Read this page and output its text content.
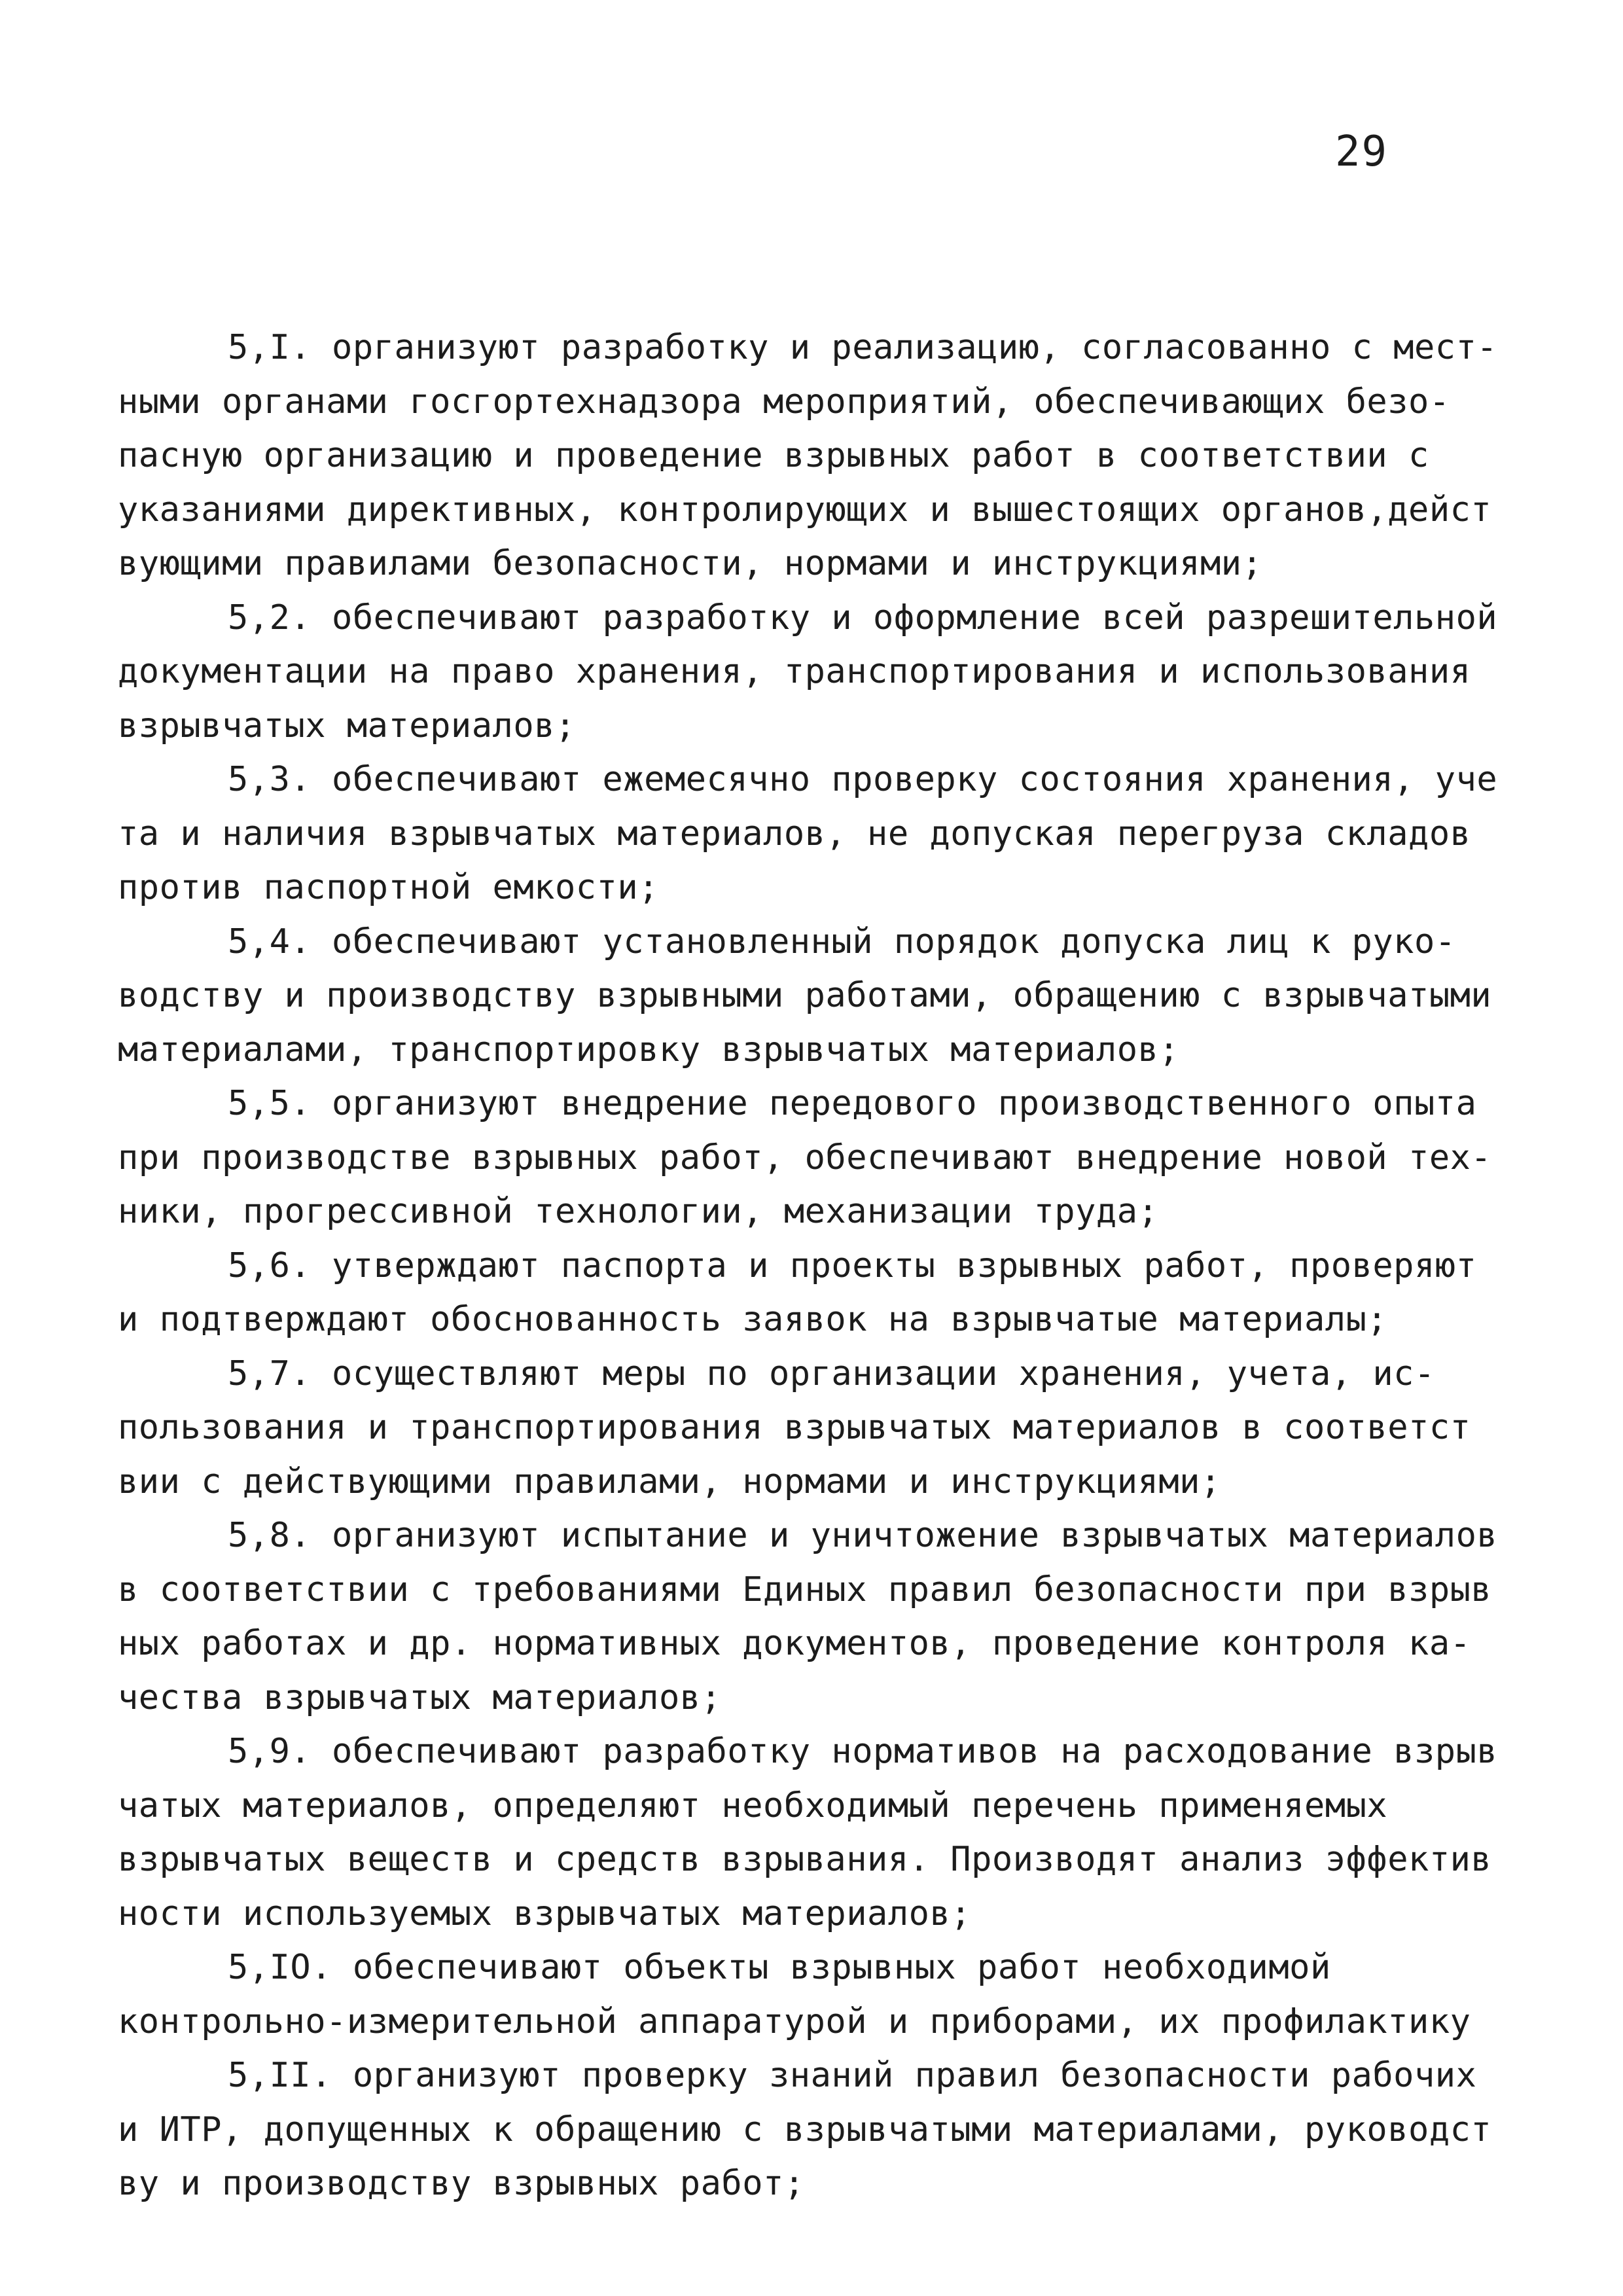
29
5,I. организуют разработку и реализацию, согласованно с мест-
ными органами госгортехнадзора мероприятий, обеспечивающих безо-
пасную организацию и проведение взрывных работ в соответствии с
указаниями директивных, контролирующих и вышестоящих органов,дейст
вующими правилами безопасности, нормами и инструкциями;
5,2. обеспечивают разработку и оформление всей разрешительной
документации на право хранения, транспортирования и использования
взрывчатых материалов;
5,3. обеспечивают ежемесячно проверку состояния хранения, уче
та и наличия взрывчатых материалов, не допуская перегруза складов
против паспортной емкости;
5,4. обеспечивают установленный порядок допуска лиц к руко-
водству и производству взрывными работами, обращению с взрывчатыми
материалами, транспортировку взрывчатых материалов;
5,5. организуют внедрение передового производственного опыта
при производстве взрывных работ, обеспечивают внедрение новой тех-
ники, прогрессивной технологии, механизации труда;
5,6. утверждают паспорта и проекты взрывных работ, проверяют
и подтверждают обоснованность заявок на взрывчатые материалы;
5,7. осуществляют меры по организации хранения, учета, ис-
пользования и транспортирования взрывчатых материалов в соответст
вии с действующими правилами, нормами и инструкциями;
5,8. организуют испытание и уничтожение взрывчатых материалов
в соответствии с требованиями Единых правил безопасности при взрыв
ных работах и др. нормативных документов, проведение контроля ка-
чества взрывчатых материалов;
5,9. обеспечивают разработку нормативов на расходование взрыв
чатых материалов, определяют необходимый перечень применяемых
взрывчатых веществ и средств взрывания. Производят анализ эффектив
ности используемых взрывчатых материалов;
5,IO. обеспечивают объекты взрывных работ необходимой
контрольно-измерительной аппаратурой и приборами, их профилактику
5,II. организуют проверку знаний правил безопасности рабочих
и ИТР, допущенных к обращению с взрывчатыми материалами, руководст
ву и производству взрывных работ;
